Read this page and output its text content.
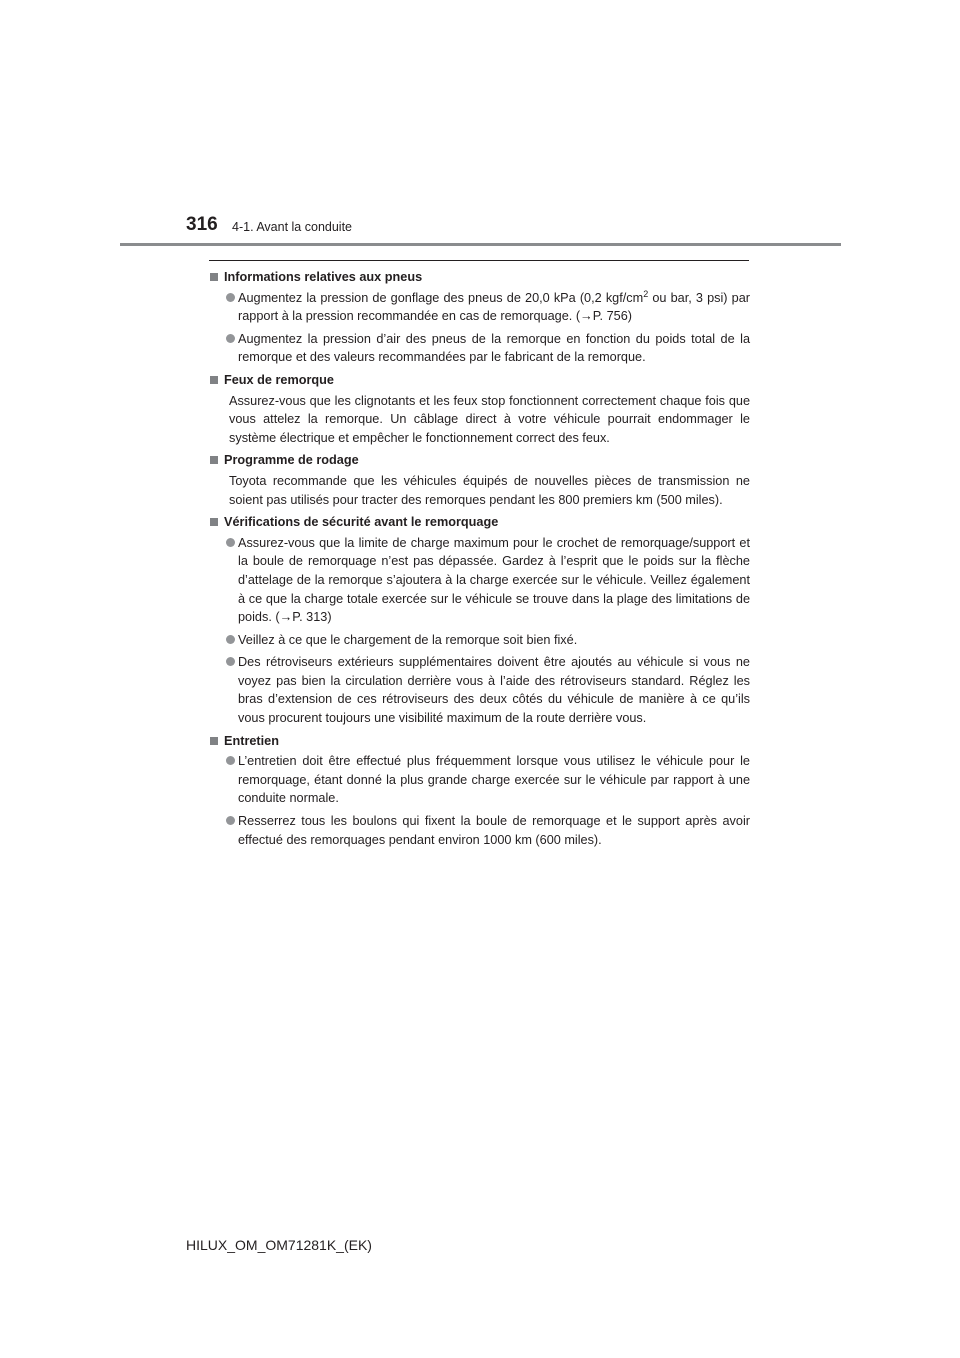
316 4-1. Avant la conduite
Informations relatives aux pneus
Augmentez la pression de gonflage des pneus de 20,0 kPa (0,2 kgf/$cm^2$ ou bar, 3 psi) par rapport à la pression recommandée en cas de remorquage. (→P. 756)
Augmentez la pression d’air des pneus de la remorque en fonction du poids total de la remorque et des valeurs recommandées par le fabricant de la remorque.
Feux de remorque
Assurez-vous que les clignotants et les feux stop fonctionnent correctement chaque fois que vous attelez la remorque. Un câblage direct à votre véhicule pourrait endommager le système électrique et empêcher le fonctionnement correct des feux.
Programme de rodage
Toyota recommande que les véhicules équipés de nouvelles pièces de transmission ne soient pas utilisés pour tracter des remorques pendant les 800 premiers km (500 miles).
Vérifications de sécurité avant le remorquage
Assurez-vous que la limite de charge maximum pour le crochet de remorquage/support et la boule de remorquage n’est pas dépassée. Gardez à l’esprit que le poids sur la flèche d’attelage de la remorque s’ajoutera à la charge exercée sur le véhicule. Veillez également à ce que la charge totale exercée sur le véhicule se trouve dans la plage des limitations de poids. (→P. 313)
Veillez à ce que le chargement de la remorque soit bien fixé.
Des rétroviseurs extérieurs supplémentaires doivent être ajoutés au véhicule si vous ne voyez pas bien la circulation derrière vous à l’aide des rétroviseurs standard. Réglez les bras d’extension de ces rétroviseurs des deux côtés du véhicule de manière à ce qu’ils vous procurent toujours une visibilité maximum de la route derrière vous.
Entretien
L’entretien doit être effectué plus fréquemment lorsque vous utilisez le véhicule pour le remorquage, étant donné la plus grande charge exercée sur le véhicule par rapport à une conduite normale.
Resserrez tous les boulons qui fixent la boule de remorquage et le support après avoir effectué des remorquages pendant environ 1000 km (600 miles).
HILUX_OM_OM71281K_(EK)
